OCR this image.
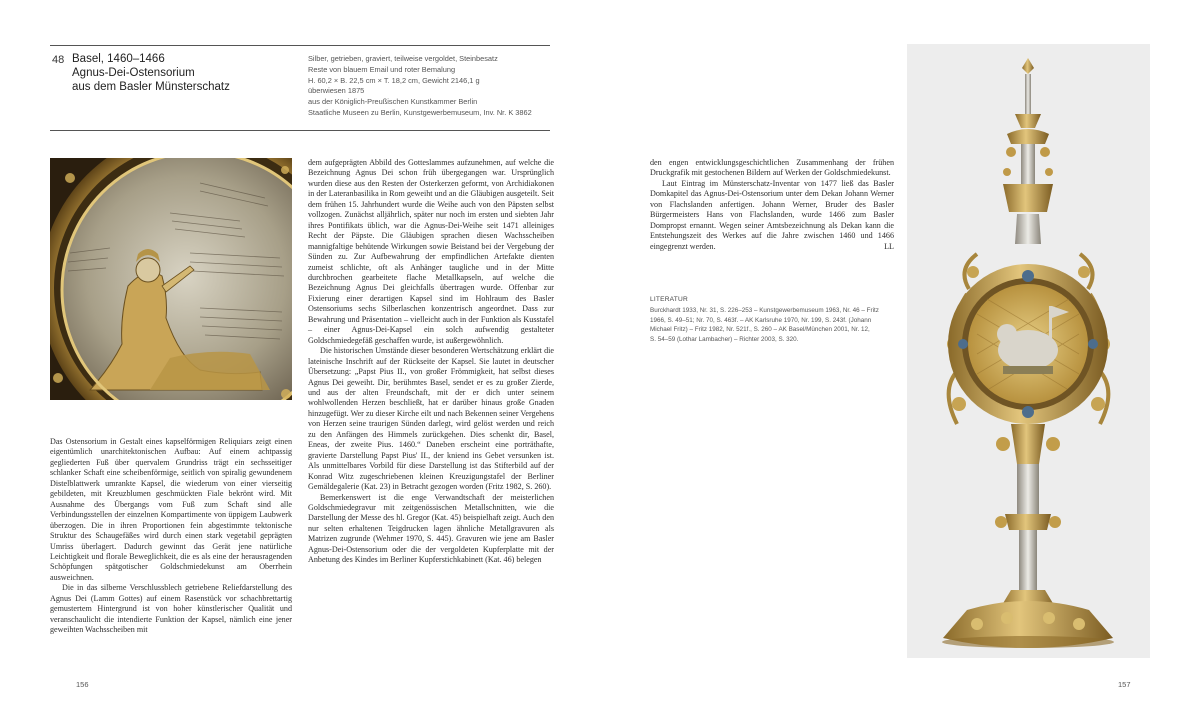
48 Basel, 1460–1466
Agnus-Dei-Ostensorium
aus dem Basler Münsterschatz
Silber, getrieben, graviert, teilweise vergoldet, Steinbesatz
Reste von blauem Email und roter Bemalung
H. 60,2 × B. 22,5 cm × T. 18,2 cm, Gewicht 2146,1 g
überwiesen 1875
aus der Königlich-Preußischen Kunstkammer Berlin
Staatliche Museen zu Berlin, Kunstgewerbemuseum, Inv. Nr. K 3862

Das Ostensorium in Gestalt eines kapselförmigen Reliquiars zeigt einen eigentümlich unarchitektonischen Aufbau: Auf einem achtpassig gegliederten Fuß über quervalem Grundriss trägt ein sechsseitiger schlanker Schaft eine scheibenförmige, seitlich von spiralig gewundenem Distelblattwerk umrankte Kapsel, die wiederum von einer vierseitig gebildeten, mit Kreuzblumen geschmückten Fiale bekrönt wird. Mit Ausnahme des Übergangs vom Fuß zum Schaft sind alle Verbindungsstellen der einzelnen Kompartimente von üppigem Laubwerk überzogen. Die in ihren Proportionen fein abgestimmte tektonische Struktur des Schaugefäßes wird durch einen stark vegetabil geprägten Umriss überlagert. Dadurch gewinnt das Gerät jene natürliche Leichtigkeit und florale Beweglichkeit, die es als eine der herausragenden Schöpfungen spätgotischer Goldschmiedekunst am Oberrhein ausweichnen.

Die in das silberne Verschlussblech getriebene Reliefdarstellung des Agnus Dei (Lamm Gottes) auf einem Rasenstück vor schachbrettartig gemustertem Hintergrund ist von hoher künstlerischer Qualität und veranschaulicht die intendierte Funktion der Kapsel, nämlich eine jener geweihten Wachsscheiben mit

dem aufgeprägten Abbild des Gotteslammes aufzunehmen, auf welche die Bezeichnung Agnus Dei schon früh übergegangen war. Ursprünglich wurden diese aus den Resten der Osterkerzen geformt, von Archidiakonen in der Lateranbasilika in Rom geweiht und an die Gläubigen ausgeteilt. Seit dem frühen 15. Jahrhundert wurde die Weihe auch von den Päpsten selbst vollzogen. Zunächst alljährlich, später nur noch im ersten und siebten Jahr ihres Pontifikats üblich, war die Agnus-Dei-Weihe seit 1471 alleiniges Recht der Päpste. Die Gläubigen sprachen diesen Wachsscheiben mannigfaltige behütende Wirkungen sowie Beistand bei der Vergebung der Sünden zu. Zur Aufbewahrung der empfindlichen Artefakte dienten zumeist schlichte, oft als Anhänger taugliche und in der Mitte durchbrochen gearbeitete flache Metallkapseln, auf welche die Bezeichnung Agnus Dei gleichfalls übertragen wurde. Offenbar zur Fixierung einer derartigen Kapsel sind im Hohlraum des Basler Ostensoriums sechs Silberlaschen konzentrisch angeordnet. Dass zur Bewahrung und Präsentation – vielleicht auch in der Funktion als Kusstafel – einer Agnus-Dei-Kapsel ein solch aufwendig gestalteter Goldschmiedegefäß geschaffen wurde, ist außergewöhnlich.

Die historischen Umstände dieser besonderen Wertschätzung erklärt die lateinische Inschrift auf der Rückseite der Kapsel. Sie lautet in deutscher Übersetzung: „Papst Pius II., von großer Frömmigkeit, hat selbst dieses Agnus Dei geweiht. Dir, berühmtes Basel, sendet er es zu großer Zierde, und aus der alten Freundschaft, mit der er dich unter seinem wohlwollenden Herzen beschließt, hat er darüber hinaus große Gnaden hinzugefügt. Wer zu dieser Kirche eilt und nach Bekennen seiner Vergehens von Herzen seine traurigen Sünden darlegt, wird gelöst werden und reich zu den Anfängen des Himmels zurückgehen. Dies schenkt dir, Basel, Eneas, der zweite Pius. 1460.“ Daneben erscheint eine porträthafte, gravierte Darstellung Papst Pius' II., der kniend ins Gebet versunken ist. Als unmittelbares Vorbild für diese Darstellung ist das Stifterbild auf der Konrad Witz zugeschriebenen kleinen Kreuzigungstafel der Berliner Gemäldegalerie (Kat. 23) in Betracht gezogen worden (Fritz 1982, S. 260).

Bemerkenswert ist die enge Verwandtschaft der meisterlichen Goldschmiedegravur mit zeitgenössischen Metallschnitten, wie die Darstellung der Messe des hl. Gregor (Kat. 45) beispielhaft zeigt. Auch den nur selten erhaltenen Teigdrucken lagen ähnliche Metallgravuren als Matrizen zugrunde (Wehmer 1970, S. 445). Gravuren wie jene am Basler Agnus-Dei-Ostensorium oder die der vergoldeten Kupferplatte mit der Anbetung des Kindes im Berliner Kupferstichkabinett (Kat. 46) belegen

156

den engen entwicklungsgeschichtlichen Zusammenhang der frühen Druckgrafik mit gestochenen Bildern auf Werken der Goldschmiedekunst.

Laut Eintrag im Münsterschatz-Inventar von 1477 ließ das Basler Domkapitel das Agnus-Dei-Ostensorium unter dem Dekan Johann Werner von Flachslanden anfertigen. Johann Werner, Bruder des Basler Bürgermeisters Hans von Flachslanden, wurde 1466 zum Basler Dompropst ernannt. Wegen seiner Amtsbezeichnung als Dekan kann die Entstehungszeit des Werkes auf die Jahre zwischen 1460 und 1466 eingegrenzt werden.	LL

LITERATUR
Burckhardt 1933, Nr. 31, S. 226–253 – Kunstgewerbemuseum 1963, Nr. 46 – Fritz
1966, S. 49–51; Nr. 70, S. 463f. – AK Karlsruhe 1970, Nr. 199, S. 243f. (Johann
Michael Fritz) – Fritz 1982, Nr. 521f., S. 260 – AK Basel/München 2001, Nr. 12,
S. 54–59 (Lothar Lambacher) – Richter 2003, S. 320.
157
